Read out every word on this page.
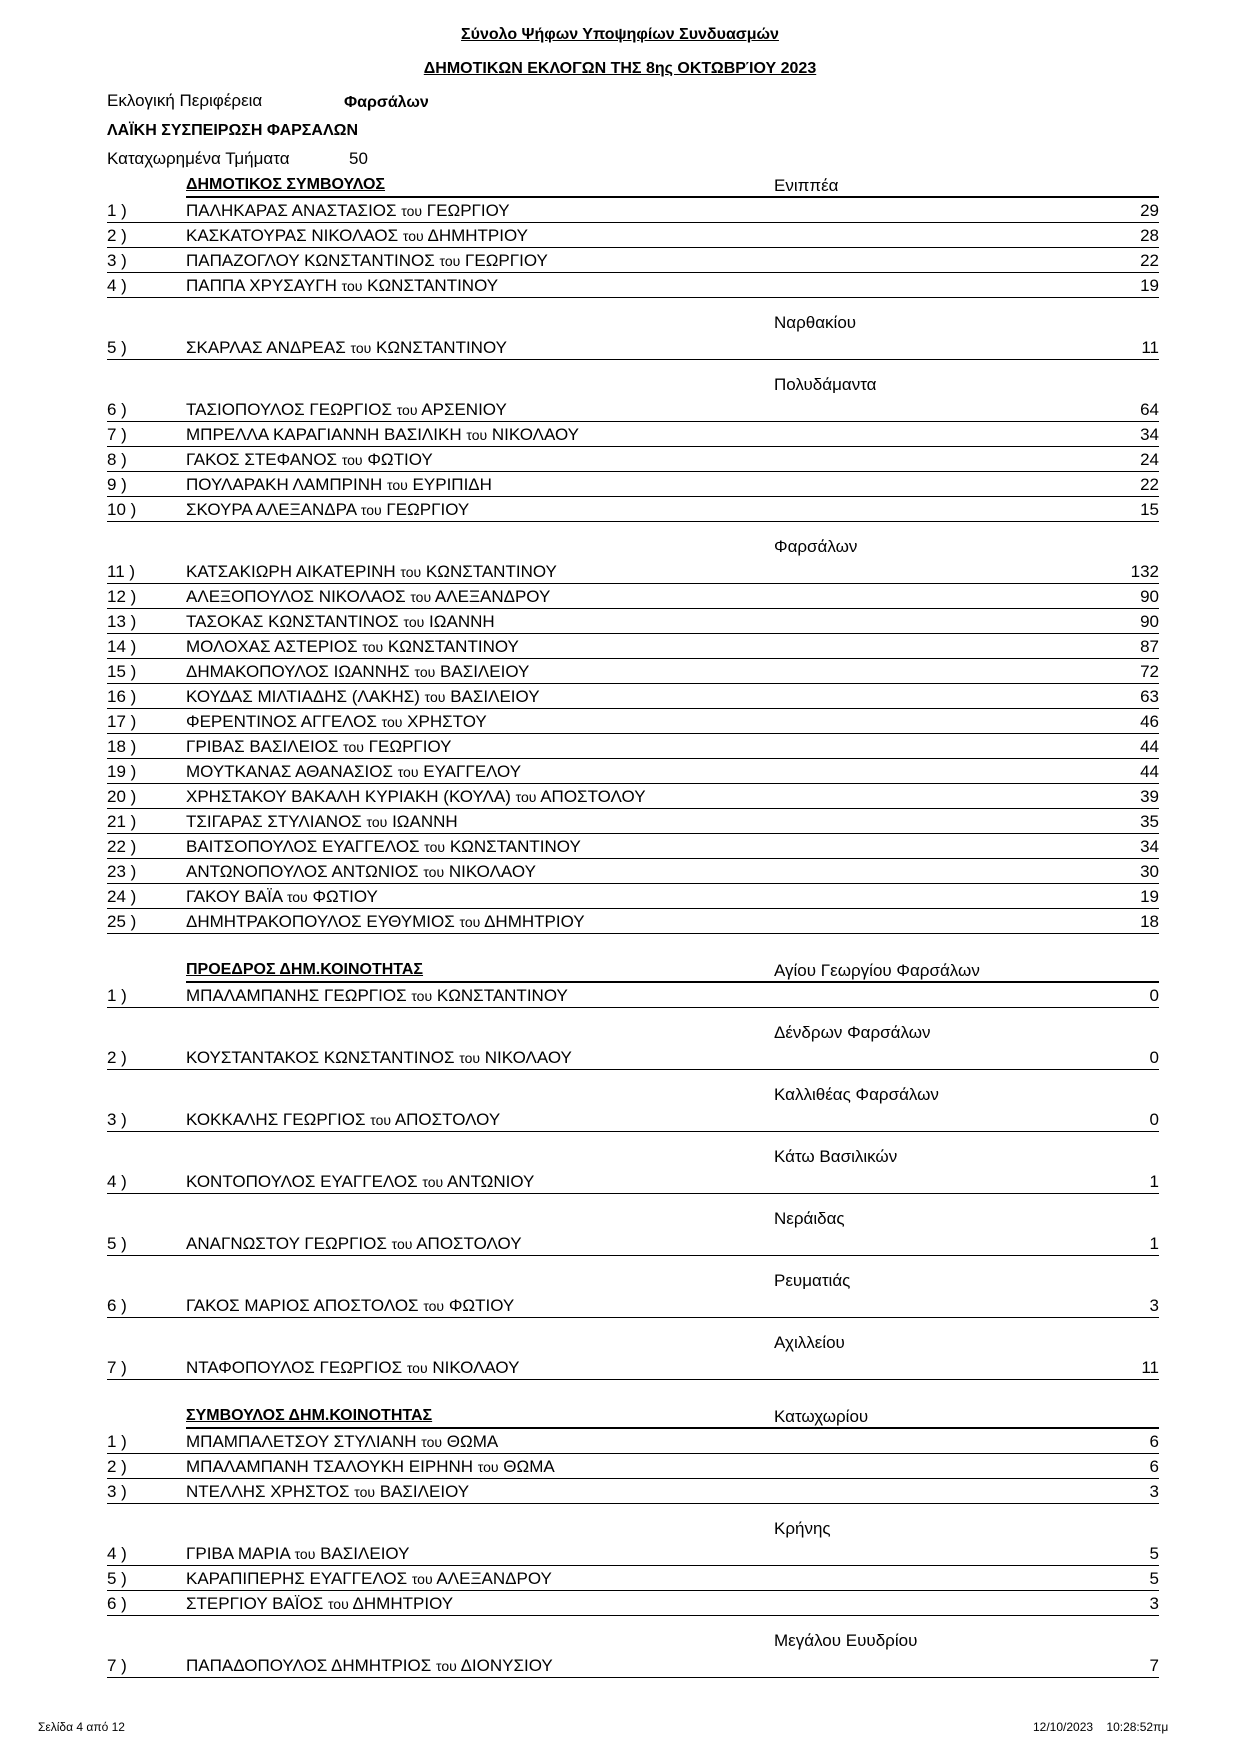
Σύνολο Ψήφων Υποψηφίων Συνδυασμών
ΔΗΜΟΤΙΚΩΝ ΕΚΛΟΓΩΝ ΤΗΣ 8ης ΟΚΤΩΒΡΊΟΥ 2023
Εκλογική Περιφέρεια	Φαρσάλων
ΛΑΪΚΗ ΣΥΣΠΕΙΡΩΣΗ ΦΑΡΣΑΛΩΝ
Καταχωρημένα Τμήματα	50
ΔΗΜΟΤΙΚΟΣ ΣΥΜΒΟΥΛΟΣ	Ενιππέα
1 )	ΠΑΛΗΚΑΡΑΣ ΑΝΑΣΤΑΣΙΟΣ του ΓΕΩΡΓΙΟΥ	29
2 )	ΚΑΣΚΑΤΟΥΡΑΣ ΝΙΚΟΛΑΟΣ του ΔΗΜΗΤΡΙΟΥ	28
3 )	ΠΑΠΑΖΟΓΛΟΥ ΚΩΝΣΤΑΝΤΙΝΟΣ του ΓΕΩΡΓΙΟΥ	22
4 )	ΠΑΠΠΑ ΧΡΥΣΑΥΓΗ του ΚΩΝΣΤΑΝΤΙΝΟΥ	19
Ναρθακίου
5 )	ΣΚΑΡΛΑΣ ΑΝΔΡΕΑΣ του ΚΩΝΣΤΑΝΤΙΝΟΥ	11
Πολυδάμαντα
6 )	ΤΑΣΙΟΠΟΥΛΟΣ ΓΕΩΡΓΙΟΣ του ΑΡΣΕΝΙΟΥ	64
7 )	ΜΠΡΕΛΛΑ ΚΑΡΑΓΙΑΝΝΗ ΒΑΣΙΛΙΚΗ του ΝΙΚΟΛΑΟΥ	34
8 )	ΓΑΚΟΣ ΣΤΕΦΑΝΟΣ του ΦΩΤΙΟΥ	24
9 )	ΠΟΥΛΑΡΑΚΗ ΛΑΜΠΡΙΝΗ του ΕΥΡΙΠΙΔΗ	22
10 )	ΣΚΟΥΡΑ ΑΛΕΞΑΝΔΡΑ του ΓΕΩΡΓΙΟΥ	15
Φαρσάλων
11 )	ΚΑΤΣΑΚΙΩΡΗ ΑΙΚΑΤΕΡΙΝΗ του ΚΩΝΣΤΑΝΤΙΝΟΥ	132
12 )	ΑΛΕΞΟΠΟΥΛΟΣ ΝΙΚΟΛΑΟΣ του ΑΛΕΞΑΝΔΡΟΥ	90
13 )	ΤΑΣΟΚΑΣ ΚΩΝΣΤΑΝΤΙΝΟΣ του ΙΩΑΝΝΗ	90
14 )	ΜΟΛΟΧΑΣ ΑΣΤΕΡΙΟΣ του ΚΩΝΣΤΑΝΤΙΝΟΥ	87
15 )	ΔΗΜΑΚΟΠΟΥΛΟΣ ΙΩΑΝΝΗΣ του ΒΑΣΙΛΕΙΟΥ	72
16 )	ΚΟΥΔΑΣ ΜΙΛΤΙΑΔΗΣ (ΛΑΚΗΣ) του ΒΑΣΙΛΕΙΟΥ	63
17 )	ΦΕΡΕΝΤΙΝΟΣ ΑΓΓΕΛΟΣ του ΧΡΗΣΤΟΥ	46
18 )	ΓΡΙΒΑΣ ΒΑΣΙΛΕΙΟΣ του ΓΕΩΡΓΙΟΥ	44
19 )	ΜΟΥΤΚΑΝΑΣ ΑΘΑΝΑΣΙΟΣ του ΕΥΑΓΓΕΛΟΥ	44
20 )	ΧΡΗΣΤΑΚΟΥ ΒΑΚΑΛΗ ΚΥΡΙΑΚΗ (ΚΟΥΛΑ) του ΑΠΟΣΤΟΛΟΥ	39
21 )	ΤΣΙΓΑΡΑΣ ΣΤΥΛΙΑΝΟΣ του ΙΩΑΝΝΗ	35
22 )	ΒΑΙΤΣΟΠΟΥΛΟΣ ΕΥΑΓΓΕΛΟΣ του ΚΩΝΣΤΑΝΤΙΝΟΥ	34
23 )	ΑΝΤΩΝΟΠΟΥΛΟΣ ΑΝΤΩΝΙΟΣ του ΝΙΚΟΛΑΟΥ	30
24 )	ΓΑΚΟΥ ΒΑΪΑ του ΦΩΤΙΟΥ	19
25 )	ΔΗΜΗΤΡΑΚΟΠΟΥΛΟΣ ΕΥΘΥΜΙΟΣ του ΔΗΜΗΤΡΙΟΥ	18
ΠΡΟΕΔΡΟΣ ΔΗΜ.ΚΟΙΝΟΤΗΤΑΣ	Αγίου Γεωργίου Φαρσάλων
1 )	ΜΠΑΛΑΜΠΑΝΗΣ ΓΕΩΡΓΙΟΣ του ΚΩΝΣΤΑΝΤΙΝΟΥ	0
Δένδρων Φαρσάλων
2 )	ΚΟΥΣΤΑΝΤΑΚΟΣ ΚΩΝΣΤΑΝΤΙΝΟΣ του ΝΙΚΟΛΑΟΥ	0
Καλλιθέας Φαρσάλων
3 )	ΚΟΚΚΑΛΗΣ ΓΕΩΡΓΙΟΣ του ΑΠΟΣΤΟΛΟΥ	0
Κάτω Βασιλικών
4 )	ΚΟΝΤΟΠΟΥΛΟΣ ΕΥΑΓΓΕΛΟΣ του ΑΝΤΩΝΙΟΥ	1
Νεράιδας
5 )	ΑΝΑΓΝΩΣΤΟΥ ΓΕΩΡΓΙΟΣ του ΑΠΟΣΤΟΛΟΥ	1
Ρευματιάς
6 )	ΓΑΚΟΣ ΜΑΡΙΟΣ ΑΠΟΣΤΟΛΟΣ του ΦΩΤΙΟΥ	3
Αχιλλείου
7 )	ΝΤΑΦΟΠΟΥΛΟΣ ΓΕΩΡΓΙΟΣ του ΝΙΚΟΛΑΟΥ	11
ΣΥΜΒΟΥΛΟΣ ΔΗΜ.ΚΟΙΝΟΤΗΤΑΣ	Κατωχωρίου
1 )	ΜΠΑΜΠΑΛΕΤΣΟΥ ΣΤΥΛΙΑΝΗ του ΘΩΜΑ	6
2 )	ΜΠΑΛΑΜΠΑΝΗ ΤΣΑΛΟΥΚΗ ΕΙΡΗΝΗ του ΘΩΜΑ	6
3 )	ΝΤΕΛΛΗΣ ΧΡΗΣΤΟΣ του ΒΑΣΙΛΕΙΟΥ	3
Κρήνης
4 )	ΓΡΙΒΑ ΜΑΡΙΑ του ΒΑΣΙΛΕΙΟΥ	5
5 )	ΚΑΡΑΠΙΠΕΡΗΣ ΕΥΑΓΓΕΛΟΣ του ΑΛΕΞΑΝΔΡΟΥ	5
6 )	ΣΤΕΡΓΙΟΥ ΒΑΪΟΣ του ΔΗΜΗΤΡΙΟΥ	3
Μεγάλου Ευυδρίου
7 )	ΠΑΠΑΔΟΠΟΥΛΟΣ ΔΗΜΗΤΡΙΟΣ του ΔΙΟΝΥΣΙΟΥ	7
Σελίδα 4 από 12	12/10/2023    10:28:52πμ
